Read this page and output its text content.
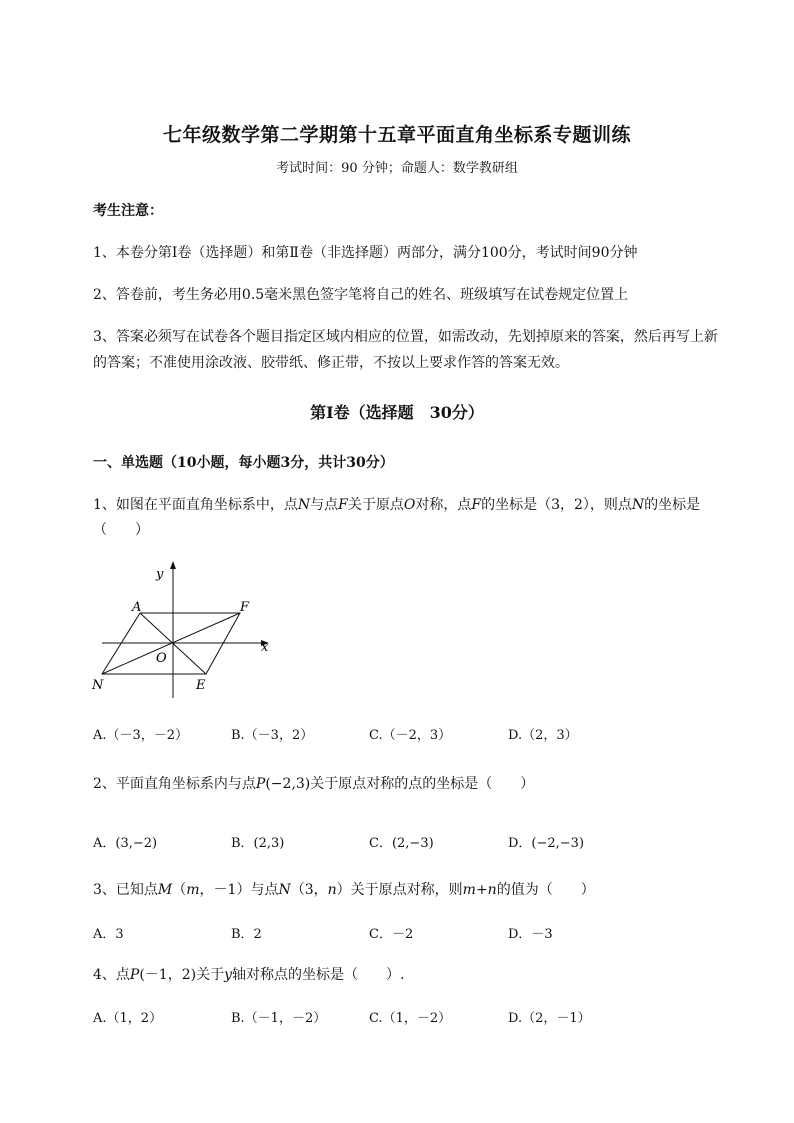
七年级数学第二学期第十五章平面直角坐标系专题训练
考试时间：90 分钟；命题人：数学教研组
考生注意：
1、本卷分第Ⅰ卷（选择题）和第Ⅱ卷（非选择题）两部分，满分100分，考试时间90分钟
2、答卷前，考生务必用0.5毫米黑色签字笔将自己的姓名、班级填写在试卷规定位置上
3、答案必须写在试卷各个题目指定区域内相应的位置，如需改动，先划掉原来的答案，然后再写上新
的答案；不准使用涂改液、胶带纸、修正带，不按以上要求作答的答案无效。
第Ⅰ卷（选择题　30分）
一、单选题（10小题，每小题3分，共计30分）
1、如图在平面直角坐标系中，点N与点F关于原点O对称，点F的坐标是（3，2），则点N的坐标是
（　　）
y
x
A	F
O
N	E
A.（－3，－2）	B.（－3，2）	C.（－2，3）	D.（2，3）
2、平面直角坐标系内与点P(−2,3)关于原点对称的点的坐标是（　　）
A．(3,−2)	B．(2,3)	C．(2,−3)	D．(−2,−3)
3、已知点M（m，－1）与点N（3，n）关于原点对称，则m+n的值为（　　）
A．3	B．2	C．－2	D．－3
4、点P(－1，2)关于y轴对称点的坐标是（　　）.
A.（1，2）	B.（－1，－2）	C.（1，－2）	D.（2，－1）
